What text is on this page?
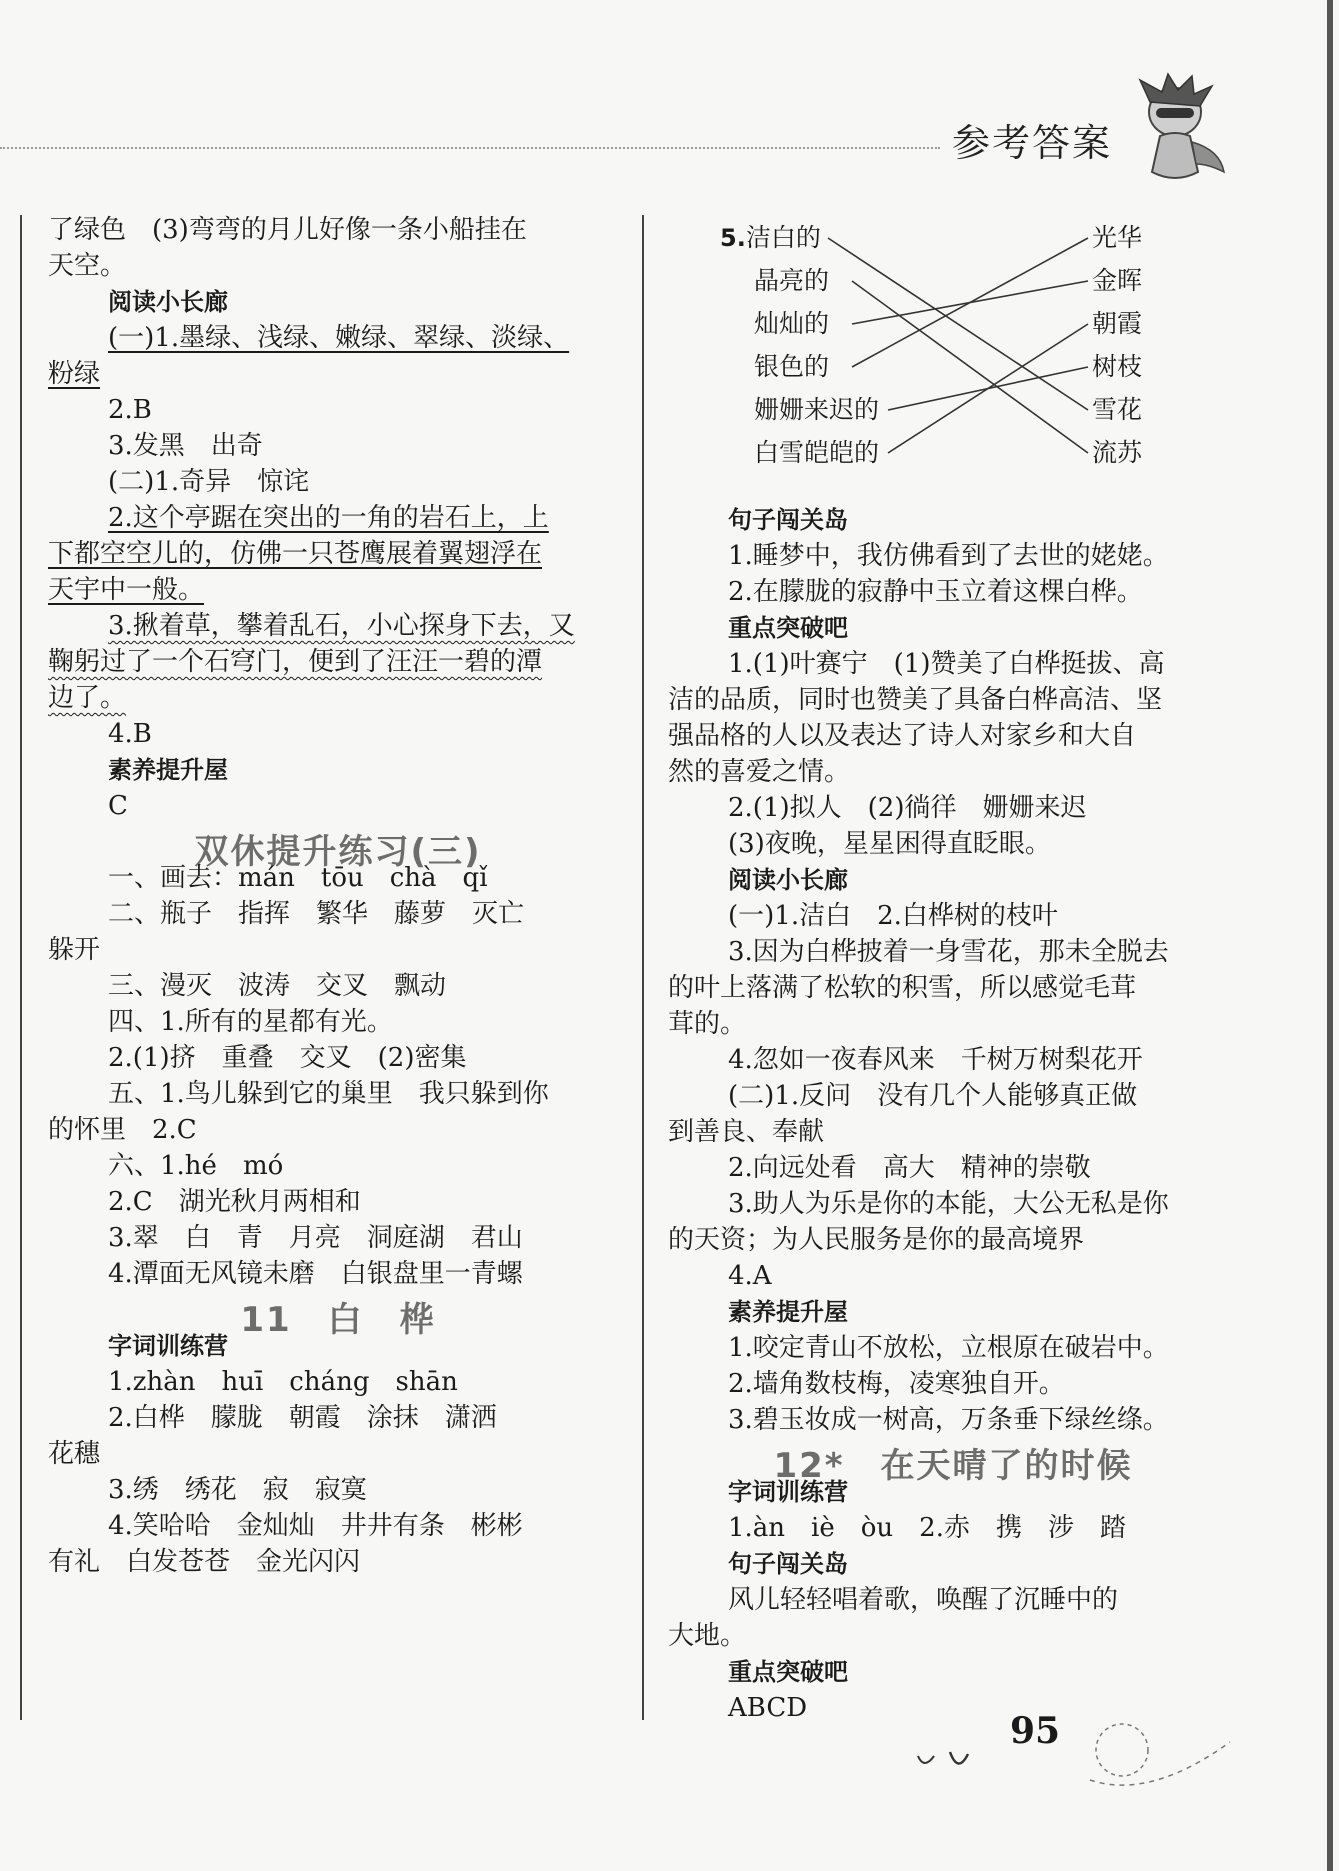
参考答案
了绿色　(3)弯弯的月儿好像一条小船挂在
天空。
阅读小长廊
(一)1.墨绿、浅绿、嫩绿、翠绿、淡绿、
粉绿
2.B
3.发黑　出奇
(二)1.奇异　惊诧
2.这个亭踞在突出的一角的岩石上，上
下都空空儿的，仿佛一只苍鹰展着翼翅浮在
天宇中一般。
3.揪着草，攀着乱石，小心探身下去，又
鞠躬过了一个石穹门，便到了汪汪一碧的潭
边了。
4.B
素养提升屋
C
双休提升练习(三)
一、画去：mán　tōu　chà　qǐ
二、瓶子　指挥　繁华　藤萝　灭亡
躲开
三、漫灭　波涛　交叉　飘动
四、1.所有的星都有光。
2.(1)挤　重叠　交叉　(2)密集
五、1.鸟儿躲到它的巢里　我只躲到你
的怀里　2.C
六、1.hé　mó
2.C　湖光秋月两相和
3.翠　白　青　月亮　洞庭湖　君山
4.潭面无风镜未磨　白银盘里一青螺
11　白　桦
字词训练营
1.zhàn　huī　cháng　shān
2.白桦　朦胧　朝霞　涂抹　潇洒
花穗
3.绣　绣花　寂　寂寞
4.笑哈哈　金灿灿　井井有条　彬彬
有礼　白发苍苍　金光闪闪
5.洁白的
晶亮的
灿灿的
银色的
姗姗来迟的
白雪皑皑的
光华
金晖
朝霞
树枝
雪花
流苏
句子闯关岛
1.睡梦中，我仿佛看到了去世的姥姥。
2.在朦胧的寂静中玉立着这棵白桦。
重点突破吧
1.(1)叶赛宁　(1)赞美了白桦挺拔、高
洁的品质，同时也赞美了具备白桦高洁、坚
强品格的人以及表达了诗人对家乡和大自
然的喜爱之情。
2.(1)拟人　(2)徜徉　姗姗来迟
(3)夜晚，星星困得直眨眼。
阅读小长廊
(一)1.洁白　2.白桦树的枝叶
3.因为白桦披着一身雪花，那未全脱去
的叶上落满了松软的积雪，所以感觉毛茸
茸的。
4.忽如一夜春风来　千树万树梨花开
(二)1.反问　没有几个人能够真正做
到善良、奉献
2.向远处看　高大　精神的崇敬
3.助人为乐是你的本能，大公无私是你
的天资；为人民服务是你的最高境界
4.A
素养提升屋
1.咬定青山不放松，立根原在破岩中。
2.墙角数枝梅，凌寒独自开。
3.碧玉妆成一树高，万条垂下绿丝绦。
12*　在天晴了的时候
字词训练营
1.àn　iè　òu　2.赤　携　涉　踏
句子闯关岛
风儿轻轻唱着歌，唤醒了沉睡中的
大地。
重点突破吧
ABCD
95
